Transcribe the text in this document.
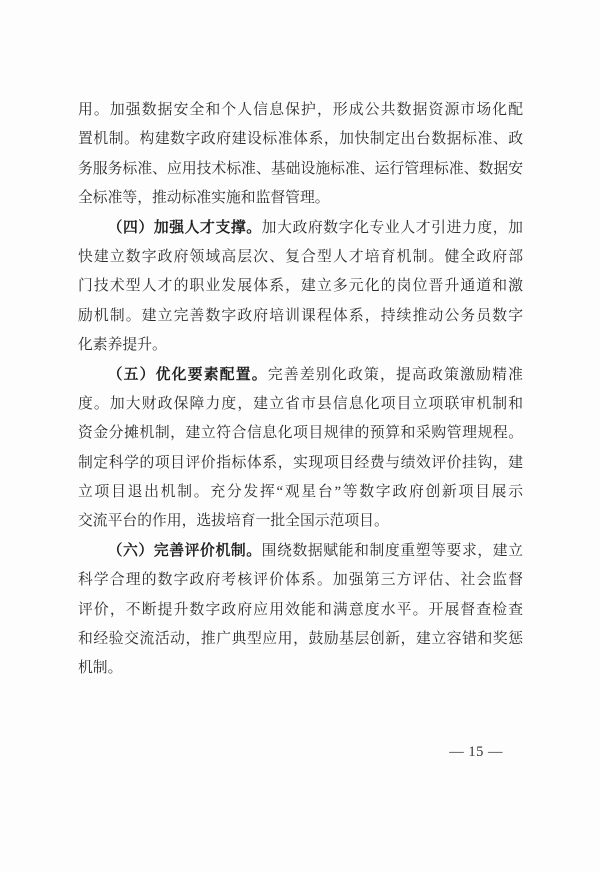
用。加强数据安全和个人信息保护，形成公共数据资源市场化配
置机制。构建数字政府建设标准体系，加快制定出台数据标准、政
务服务标准、应用技术标准、基础设施标准、运行管理标准、数据安
全标准等，推动标准实施和监督管理。
（四）加强人才支撑。加大政府数字化专业人才引进力度，加
快建立数字政府领域高层次、复合型人才培育机制。健全政府部
门技术型人才的职业发展体系，建立多元化的岗位晋升通道和激
励机制。建立完善数字政府培训课程体系，持续推动公务员数字
化素养提升。
（五）优化要素配置。完善差别化政策，提高政策激励精准
度。加大财政保障力度，建立省市县信息化项目立项联审机制和
资金分摊机制，建立符合信息化项目规律的预算和采购管理规程。
制定科学的项目评价指标体系，实现项目经费与绩效评价挂钩，建
立项目退出机制。充分发挥“观星台”等数字政府创新项目展示
交流平台的作用，选拔培育一批全国示范项目。
（六）完善评价机制。围绕数据赋能和制度重塑等要求，建立
科学合理的数字政府考核评价体系。加强第三方评估、社会监督
评价，不断提升数字政府应用效能和满意度水平。开展督查检查
和经验交流活动，推广典型应用，鼓励基层创新，建立容错和奖惩
机制。
— 15 —
